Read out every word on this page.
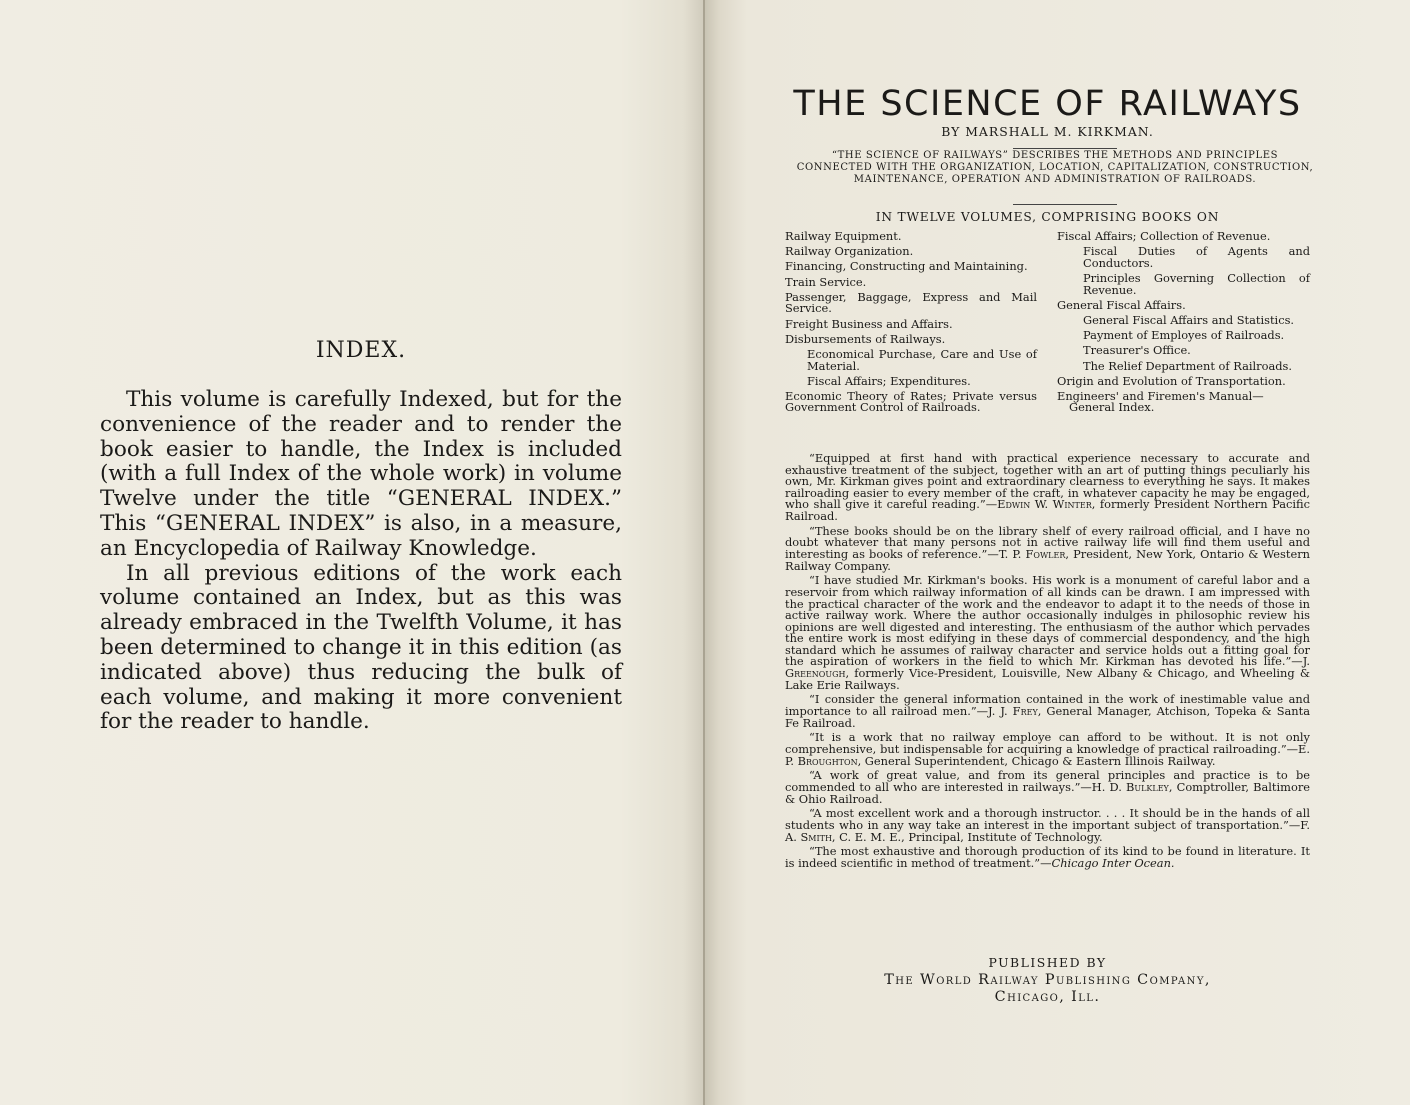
INDEX.

This volume is carefully Indexed, but for the convenience of the reader and to render the book easier to handle, the Index is included (with a full Index of the whole work) in volume Twelve under the title “GENERAL INDEX.” This “GENERAL INDEX” is also, in a measure, an Encyclopedia of Railway Knowledge.

In all previous editions of the work each volume contained an Index, but as this was already embraced in the Twelfth Volume, it has been determined to change it in this edition (as indicated above) thus reducing the bulk of each volume, and making it more convenient for the reader to handle.

THE SCIENCE OF RAILWAYS
BY MARSHALL M. KIRKMAN.
“THE SCIENCE OF RAILWAYS” DESCRIBES THE METHODS AND PRINCIPLES CONNECTED WITH THE ORGANIZATION, LOCATION, CAPITALIZATION, CONSTRUCTION, MAINTENANCE, OPERATION AND ADMINISTRATION OF RAILROADS.
IN TWELVE VOLUMES, COMPRISING BOOKS ON
Railway Equipment.
Railway Organization.
Financing, Constructing and Maintaining.
Train Service.
Passenger, Baggage, Express and Mail Service.
Freight Business and Affairs.
Disbursements of Railways.
Economical Purchase, Care and Use of Material.
Fiscal Affairs; Expenditures.
Economic Theory of Rates; Private versus Government Control of Railroads.
Fiscal Affairs; Collection of Revenue.
Fiscal Duties of Agents and Conductors.
Principles Governing Collection of Revenue.
General Fiscal Affairs.
General Fiscal Affairs and Statistics.
Payment of Employes of Railroads.
Treasurer's Office.
The Relief Department of Railroads.
Origin and Evolution of Transportation.
Engineers' and Firemen's Manual—
General Index.

“Equipped at first hand with practical experience necessary to accurate and exhaustive treatment of the subject, together with an art of putting things peculiarly his own, Mr. Kirkman gives point and extraordinary clearness to everything he says. It makes railroading easier to every member of the craft, in whatever capacity he may be engaged, who shall give it careful reading.”—Edwin W. Winter, formerly President Northern Pacific Railroad.

“These books should be on the library shelf of every railroad official, and I have no doubt whatever that many persons not in active railway life will find them useful and interesting as books of reference.”—T. P. Fowler, President, New York, Ontario & Western Railway Company.

“I have studied Mr. Kirkman's books. His work is a monument of careful labor and a reservoir from which railway information of all kinds can be drawn. I am impressed with the practical character of the work and the endeavor to adapt it to the needs of those in active railway work. Where the author occasionally indulges in philosophic review his opinions are well digested and interesting. The enthusiasm of the author which pervades the entire work is most edifying in these days of commercial despondency, and the high standard which he assumes of railway character and service holds out a fitting goal for the aspiration of workers in the field to which Mr. Kirkman has devoted his life.”—J. Greenough, formerly Vice-President, Louisville, New Albany & Chicago, and Wheeling & Lake Erie Railways.

“I consider the general information contained in the work of inestimable value and importance to all railroad men.”—J. J. Frey, General Manager, Atchison, Topeka & Santa Fe Railroad.

“It is a work that no railway employe can afford to be without. It is not only comprehensive, but indispensable for acquiring a knowledge of practical railroading.”—E. P. Broughton, General Superintendent, Chicago & Eastern Illinois Railway.

“A work of great value, and from its general principles and practice is to be commended to all who are interested in railways.”—H. D. Bulkley, Comptroller, Baltimore & Ohio Railroad.

“A most excellent work and a thorough instructor. . . . It should be in the hands of all students who in any way take an interest in the important subject of transportation.”—F. A. Smith, C. E. M. E., Principal, Institute of Technology.

“The most exhaustive and thorough production of its kind to be found in literature. It is indeed scientific in method of treatment.”—Chicago Inter Ocean.

PUBLISHED BY
The World Railway Publishing Company,
Chicago, Ill.
